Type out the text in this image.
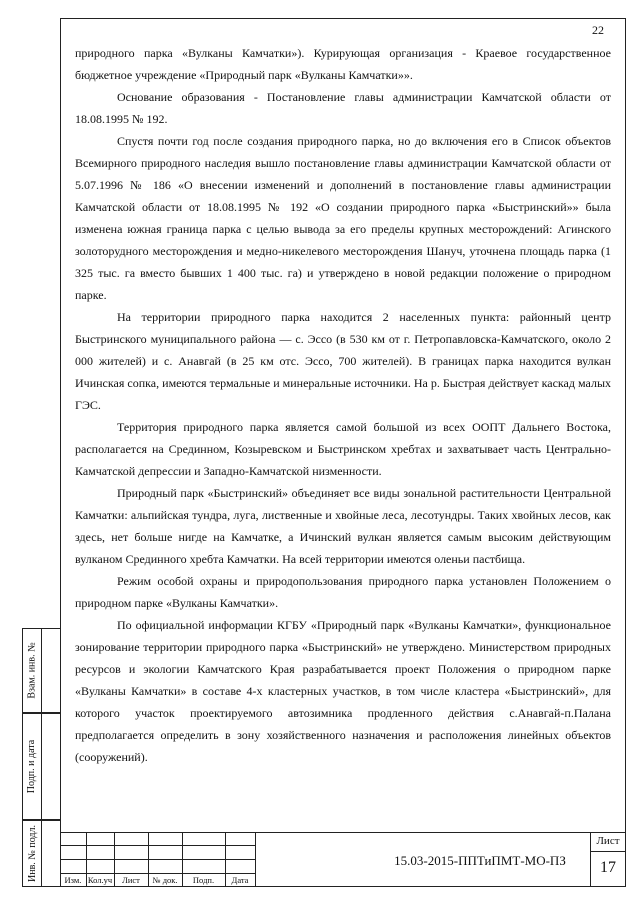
22

природного парка «Вулканы Камчатки»). Курирующая организация - Краевое государственное бюджетное учреждение «Природный парк «Вулканы Камчатки»».

Основание образования - Постановление главы администрации Камчатской области от 18.08.1995 № 192.

Спустя почти год после создания природного парка, но до включения его в Список объектов Всемирного природного наследия вышло постановление главы администрации Камчатской области от 5.07.1996 № 186 «О внесении изменений и дополнений в постановление главы администрации Камчатской области от 18.08.1995 № 192 «О создании природного парка «Быстринский»» была изменена южная граница парка с целью вывода за его пределы крупных месторождений: Агинского золоторудного месторождения и медно-никелевого месторождения Шануч, уточнена площадь парка (1 325 тыс. га вместо бывших 1 400 тыс. га) и утверждено в новой редакции положение о природном парке.

На территории природного парка находится 2 населенных пункта: районный центр Быстринского муниципального района — с. Эссо (в 530 км от г. Петропавловска-Камчатского, около 2 000 жителей) и с. Анавгай (в 25 км отс. Эссо, 700 жителей). В границах парка находится вулкан Ичинская сопка, имеются термальные и минеральные источники. На р. Быстрая действует каскад малых ГЭС.

Территория природного парка является самой большой из всех ООПТ Дальнего Востока, располагается на Срединном, Козыревском и Быстринском хребтах и захватывает часть Центрально-Камчатской депрессии и Западно-Камчатской низменности.

Природный парк «Быстринский» объединяет все виды зональной растительности Центральной Камчатки: альпийская тундра, луга, лиственные и хвойные леса, лесотундры. Таких хвойных лесов, как здесь, нет больше нигде на Камчатке, а Ичинский вулкан является самым высоким действующим вулканом Срединного хребта Камчатки. На всей территории имеются оленьи пастбища.

Режим особой охраны и природопользования природного парка установлен Положением о природном парке «Вулканы Камчатки».

По официальной информации КГБУ «Природный парк «Вулканы Камчатки», функциональное зонирование территории природного парка «Быстринский» не утверждено. Министерством природных ресурсов и экологии Камчатского Края разрабатывается проект Положения о природном парке «Вулканы Камчатки» в составе 4-х кластерных участков, в том числе кластера «Быстринский», для которого участок проектируемого автозимника продленного действия с.Анавгай-п.Палана предполагается определить в зону хозяйственного назначения и расположения линейных объектов (сооружений).

Взам. инв. №
Подп. и дата
Инв. № подл.	Изм. Кол.уч	Лист	№ док.	Подп.	Дата
15.03-2015-ППТиПМТ-МО-ПЗ
Лист
17
